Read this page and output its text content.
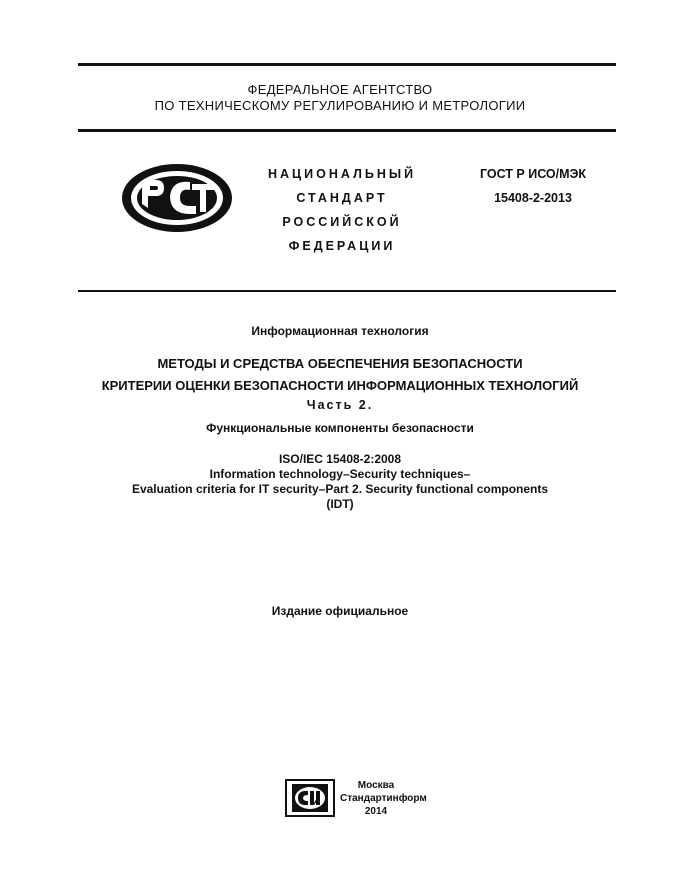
ФЕДЕРАЛЬНОЕ АГЕНТСТВО
ПО ТЕХНИЧЕСКОМУ РЕГУЛИРОВАНИЮ И МЕТРОЛОГИИ
НАЦИОНАЛЬНЫЙ
СТАНДАРТ
РОССИЙСКОЙ
ФЕДЕРАЦИИ
ГОСТ Р ИСО/МЭК
15408-2-2013
Информационная технология
МЕТОДЫ И СРЕДСТВА ОБЕСПЕЧЕНИЯ БЕЗОПАСНОСТИ
КРИТЕРИИ ОЦЕНКИ БЕЗОПАСНОСТИ ИНФОРМАЦИОННЫХ ТЕХНОЛОГИЙ
Часть 2.
Функциональные компоненты безопасности
ISO/IEC 15408-2:2008
Information technology–Security techniques–
Evaluation criteria for IT security–Part 2. Security functional components
(IDT)
Издание официальное
Москва
Стандартинформ
2014
